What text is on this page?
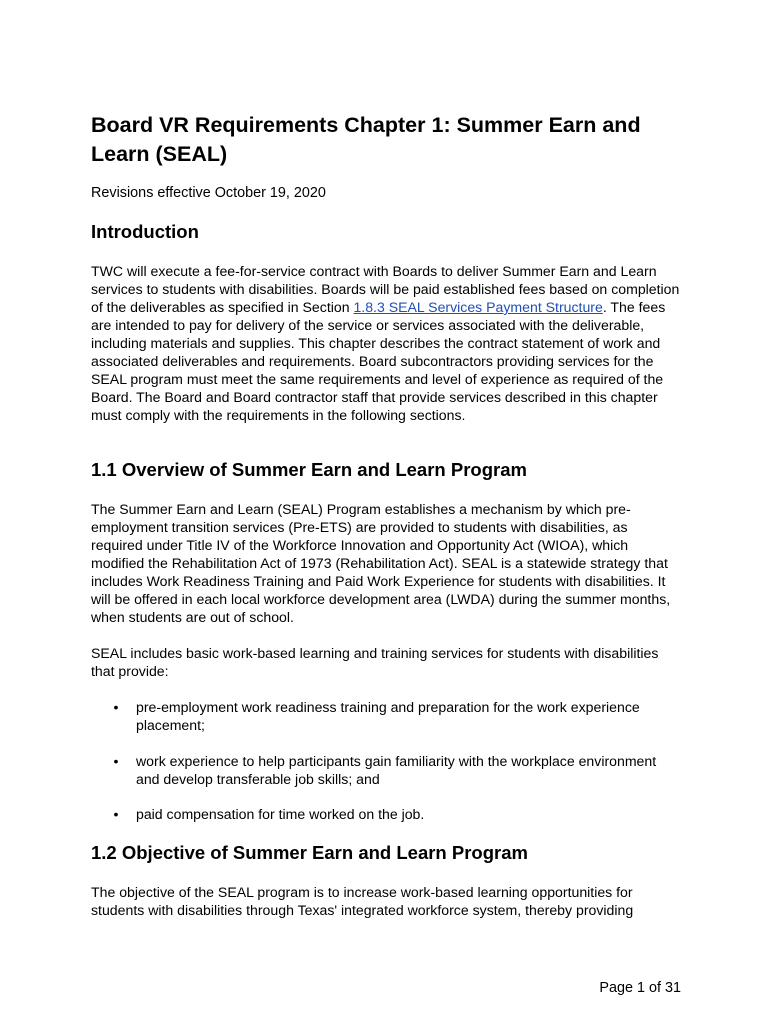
Board VR Requirements Chapter 1: Summer Earn and Learn (SEAL)

Revisions effective October 19, 2020

Introduction

TWC will execute a fee-for-service contract with Boards to deliver Summer Earn and Learn services to students with disabilities. Boards will be paid established fees based on completion of the deliverables as specified in Section 1.8.3 SEAL Services Payment Structure. The fees are intended to pay for delivery of the service or services associated with the deliverable, including materials and supplies. This chapter describes the contract statement of work and associated deliverables and requirements. Board subcontractors providing services for the SEAL program must meet the same requirements and level of experience as required of the Board. The Board and Board contractor staff that provide services described in this chapter must comply with the requirements in the following sections.

1.1 Overview of Summer Earn and Learn Program

The Summer Earn and Learn (SEAL) Program establishes a mechanism by which pre-employment transition services (Pre-ETS) are provided to students with disabilities, as required under Title IV of the Workforce Innovation and Opportunity Act (WIOA), which modified the Rehabilitation Act of 1973 (Rehabilitation Act). SEAL is a statewide strategy that includes Work Readiness Training and Paid Work Experience for students with disabilities. It will be offered in each local workforce development area (LWDA) during the summer months, when students are out of school.

SEAL includes basic work-based learning and training services for students with disabilities that provide:

• pre-employment work readiness training and preparation for the work experience placement;
• work experience to help participants gain familiarity with the workplace environment and develop transferable job skills; and
• paid compensation for time worked on the job.
1.2 Objective of Summer Earn and Learn Program

The objective of the SEAL program is to increase work-based learning opportunities for students with disabilities through Texas' integrated workforce system, thereby providing

Page 1 of 31
